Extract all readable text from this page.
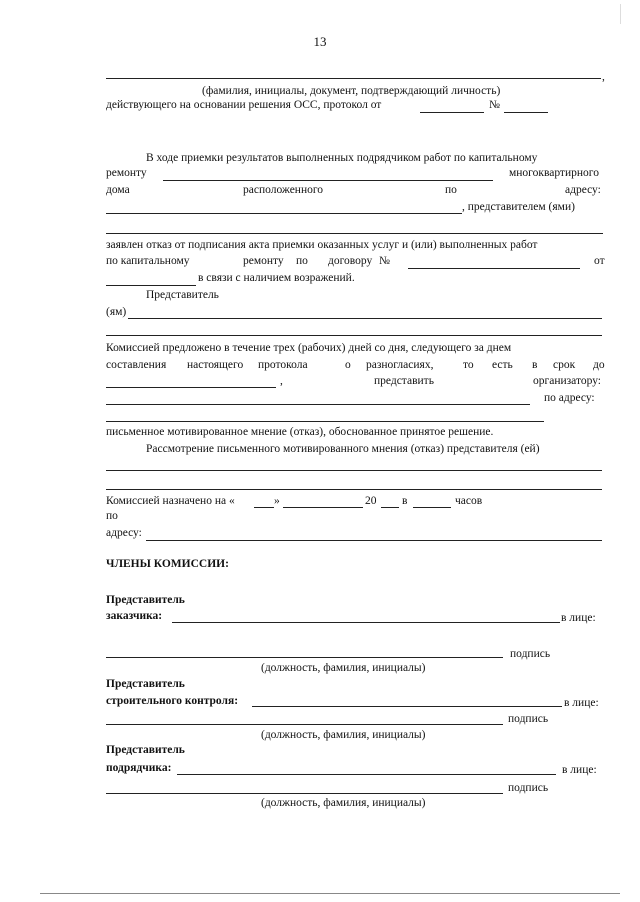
13
,
(фамилия, инициалы, документ, подтверждающий личность)
действующего на основании решения ОСС, протокол от	№
В ходе приемки результатов выполненных подрядчиком работ по капитальному
ремонту	многоквартирного
дома	расположенного	по	адресу:
, представителем (ями)
заявлен отказ от подписания акта приемки оказанных услуг и (или) выполненных работ
по капитальному	ремонту по договору №	от
в связи с наличием возражений.
Представитель
(ям)
Комиссией предложено в течение трех (рабочих) дней со дня, следующего за днем
составления настоящего протокола	о разногласиях,	то есть в срок до
,	представить	организатору:
по адресу:
письменное мотивированное мнение (отказ), обоснованное принятое решение.
Рассмотрение письменного мотивированного мнения (отказ) представителя (ей)
Комиссией назначено на «	»	20 в	часов
по
адресу:
ЧЛЕНЫ КОМИССИИ:
Представитель
заказчика:	в лице:
подпись
(должность, фамилия, инициалы)
Представитель
строительного контроля:	в лице:
подпись
(должность, фамилия, инициалы)
Представитель
подрядчика:	в лице:
подпись
(должность, фамилия, инициалы)
